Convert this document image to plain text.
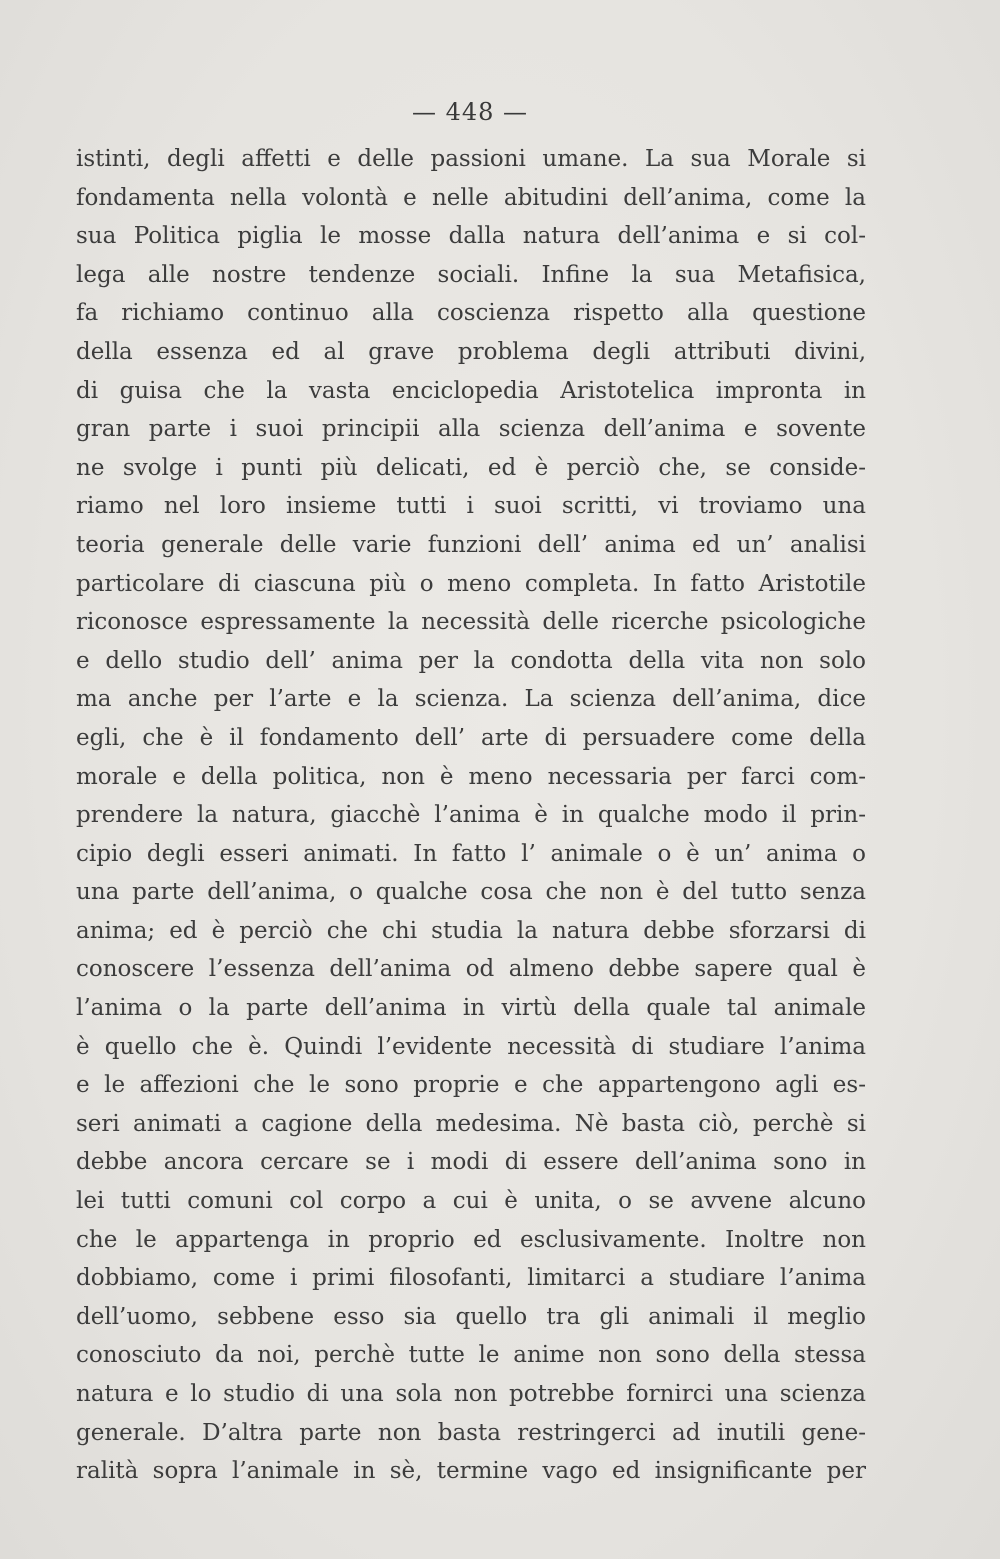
— 448 —
istinti, degli affetti e delle passioni umane. La sua Morale si
fondamenta nella volontà e nelle abitudini dell’anima, come la
sua Politica piglia le mosse dalla natura dell’anima e si col-
lega alle nostre tendenze sociali. Infine la sua Metafisica,
fa richiamo continuo alla coscienza rispetto alla questione
della essenza ed al grave problema degli attributi divini,
di guisa che la vasta enciclopedia Aristotelica impronta in
gran parte i suoi principii alla scienza dell’anima e sovente
ne svolge i punti più delicati, ed è perciò che, se conside-
riamo nel loro insieme tutti i suoi scritti, vi troviamo una
teoria generale delle varie funzioni dell’ anima ed un’ analisi
particolare di ciascuna più o meno completa. In fatto Aristotile
riconosce espressamente la necessità delle ricerche psicologiche
e dello studio dell’ anima per la condotta della vita non solo
ma anche per l’arte e la scienza. La scienza dell’anima, dice
egli, che è il fondamento dell’ arte di persuadere come della
morale e della politica, non è meno necessaria per farci com-
prendere la natura, giacchè l’anima è in qualche modo il prin-
cipio degli esseri animati. In fatto l’ animale o è un’ anima o
una parte dell’anima, o qualche cosa che non è del tutto senza
anima; ed è perciò che chi studia la natura debbe sforzarsi di
conoscere l’essenza dell’anima od almeno debbe sapere qual è
l’anima o la parte dell’anima in virtù della quale tal animale
è quello che è. Quindi l’evidente necessità di studiare l’anima
e le affezioni che le sono proprie e che appartengono agli es-
seri animati a cagione della medesima. Nè basta ciò, perchè si
debbe ancora cercare se i modi di essere dell’anima sono in
lei tutti comuni col corpo a cui è unita, o se avvene alcuno
che le appartenga in proprio ed esclusivamente. Inoltre non
dobbiamo, come i primi filosofanti, limitarci a studiare l’anima
dell’uomo, sebbene esso sia quello tra gli animali il meglio
conosciuto da noi, perchè tutte le anime non sono della stessa
natura e lo studio di una sola non potrebbe fornirci una scienza
generale. D’altra parte non basta restringerci ad inutili gene-
ralità sopra l’animale in sè, termine vago ed insignificante per
